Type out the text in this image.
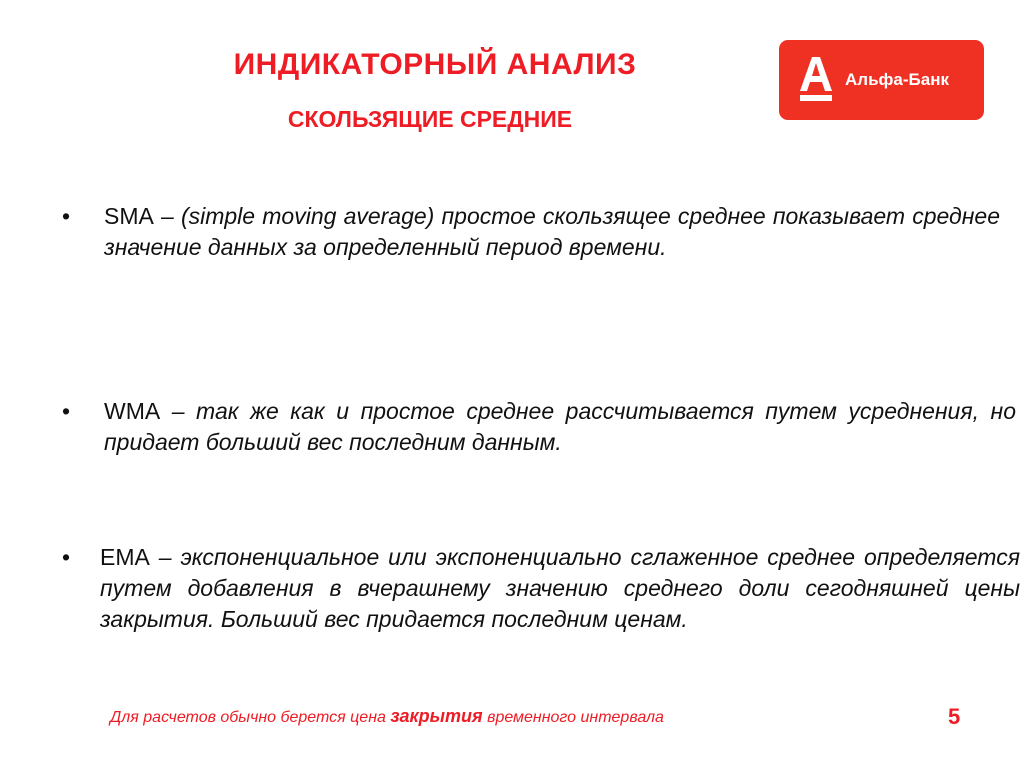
ИНДИКАТОРНЫЙ АНАЛИЗ
СКОЛЬЗЯЩИЕ СРЕДНИЕ
Альфа-Банк
• SMA – (simple moving average) простое скользящее среднее показывает среднее значение данных за определенный период времени.
• WMA – так же как и простое среднее рассчитывается путем усреднения, но придает больший вес последним данным.
• EMA – экспоненциальное или экспоненциально сглаженное среднее определяется путем добавления в вчерашнему значению среднего доли сегодняшней цены закрытия. Больший вес придается последним ценам.
Для расчетов обычно берется цена закрытия временного интервала	5
